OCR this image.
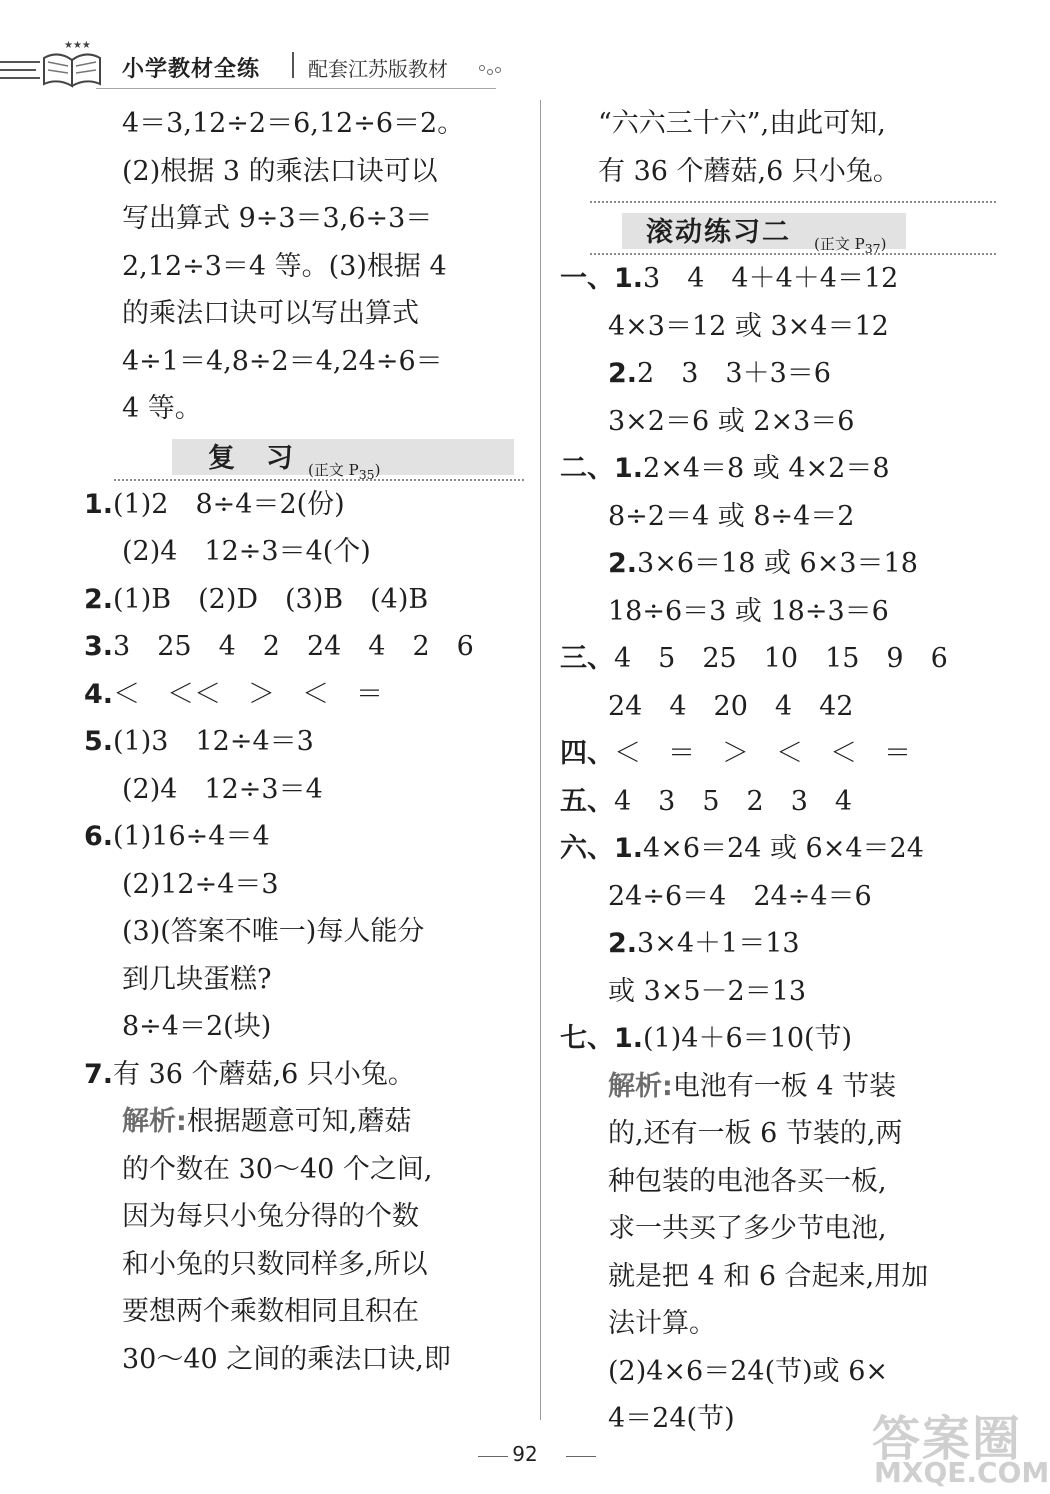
★★★
小学教材全练 配套江苏版教材
4＝3,12÷2＝6,12÷6＝2。
(2)根据 3 的乘法口诀可以
写出算式 9÷3＝3,6÷3＝
2,12÷3＝4 等。(3)根据 4
的乘法口诀可以写出算式
4÷1＝4,8÷2＝4,24÷6＝
4 等。
复　习 (正文 $P_{35}$)
1.(1)2　8÷4＝2(份)
(2)4　12÷3＝4(个)
2.(1)B　(2)D　(3)B　(4)B
3.3　25　4　2　24　4　2　6
4.＜　＜＜　＞　＜　＝
5.(1)3　12÷4＝3
(2)4　12÷3＝4
6.(1)16÷4＝4
(2)12÷4＝3
(3)(答案不唯一)每人能分
到几块蛋糕?
8÷4＝2(块)
7.有 36 个蘑菇,6 只小兔。
解析:根据题意可知,蘑菇
的个数在 30～40 个之间,
因为每只小兔分得的个数
和小兔的只数同样多,所以
要想两个乘数相同且积在
30～40 之间的乘法口诀,即
“六六三十六”,由此可知,
有 36 个蘑菇,6 只小兔。
滚动练习二 (正文 $P_{37}$)
一、1.3　4　4＋4＋4＝12
4×3＝12 或 3×4＝12
2.2　3　3＋3＝6
3×2＝6 或 2×3＝6
二、1.2×4＝8 或 4×2＝8
8÷2＝4 或 8÷4＝2
2.3×6＝18 或 6×3＝18
18÷6＝3 或 18÷3＝6
三、4　5　25　10　15　9　6
24　4　20　4　42
四、＜　＝　＞　＜　＜　＝
五、4　3　5　2　3　4
六、1.4×6＝24 或 6×4＝24
24÷6＝4　24÷4＝6
2.3×4＋1＝13
或 3×5－2＝13
七、1.(1)4＋6＝10(节)
解析:电池有一板 4 节装
的,还有一板 6 节装的,两
种包装的电池各买一板,
求一共买了多少节电池,
就是把 4 和 6 合起来,用加
法计算。
(2)4×6＝24(节)或 6×
4＝24(节)
92	答案圈
MXQE.COM
